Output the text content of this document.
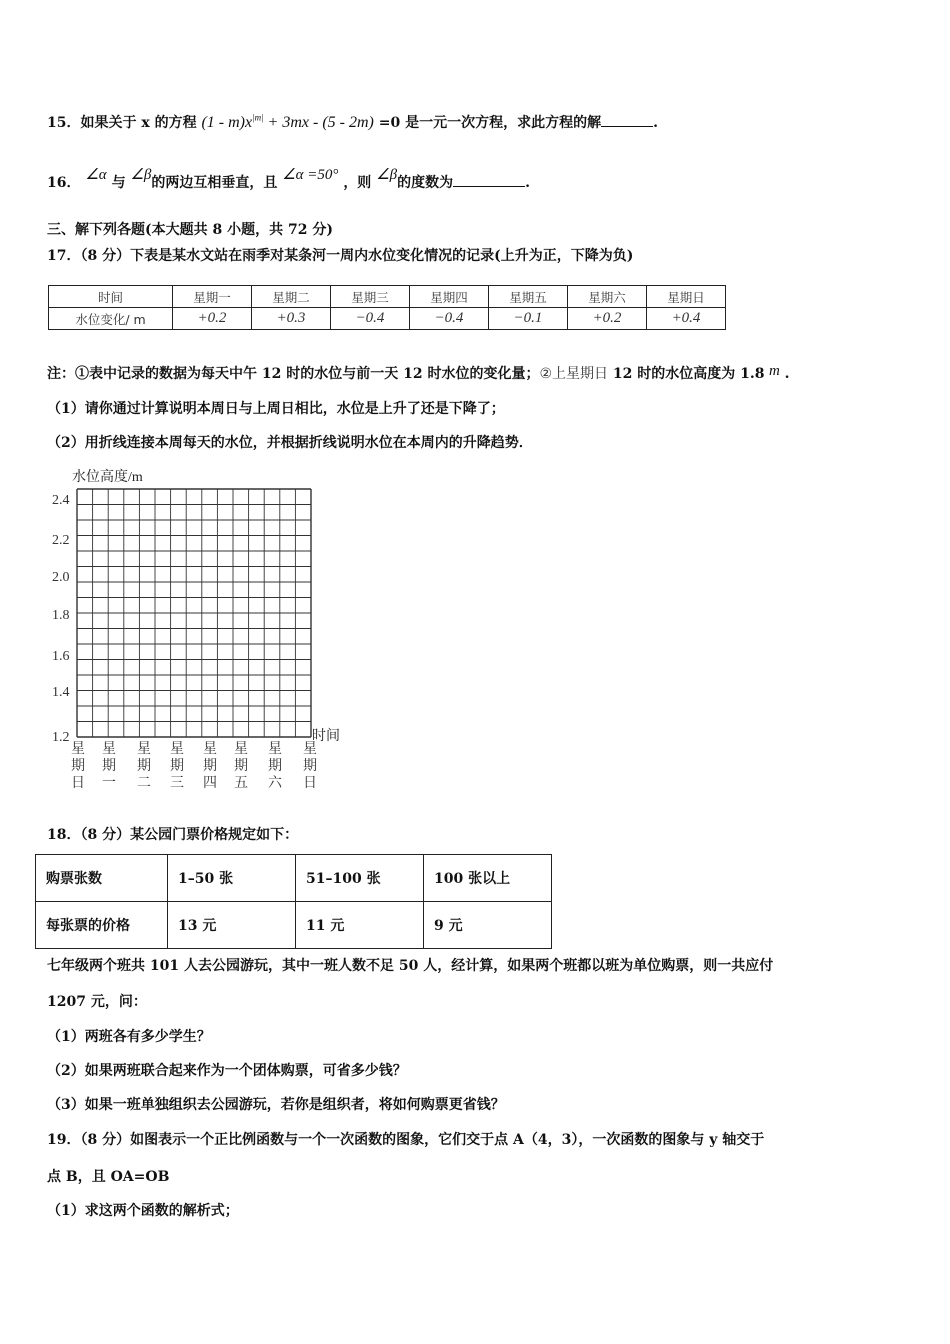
15．如果关于 x 的方程 $(1 - m)x^{|m|} + 3mx - (5 - 2m) =0$ 是一元一次方程，求此方程的解	.
16． ∠α 与 ∠β的两边互相垂直，且 ∠α =50° ，则 ∠β的度数为	.
三、解下列各题(本大题共 8 小题，共 72 分)
17．（8 分）下表是某水文站在雨季对某条河一周内水位变化情况的记录(上升为正，下降为负)
时间	星期一	星期二	星期三	星期四	星期五	星期六	星期日
水位变化/ m	+0.2	+0.3	−0.4	−0.4	−0.1	+0.2	+0.4
注：①表中记录的数据为每天中午 12 时的水位与前一天 12 时水位的变化量；②上星期日 12 时的水位高度为 1.8 m .
（1）请你通过计算说明本周日与上周日相比，水位是上升了还是下降了；
（2）用折线连接本周每天的水位，并根据折线说明水位在本周内的升降趋势．
水位高度/m
2.4
2.2
2.0
1.8
1.6
1.4
1.2
星
期
日
星
期
一
星
期
二
星
期
三
星
期
四
星
期
五
星
期
六
星
期
日
时间
18．（8 分）某公园门票价格规定如下：
购票张数	1–50 张	51–100 张	100 张以上
每张票的价格	13 元	11 元	9 元
七年级两个班共 101 人去公园游玩，其中一班人数不足 50 人，经计算，如果两个班都以班为单位购票，则一共应付
1207 元，问：
（1）两班各有多少学生？
（2）如果两班联合起来作为一个团体购票，可省多少钱？
（3）如果一班单独组织去公园游玩，若你是组织者，将如何购票更省钱？
19．（8 分）如图表示一个正比例函数与一个一次函数的图象，它们交于点 A（4，3），一次函数的图象与 y 轴交于
点 B，且 OA=OB
（1）求这两个函数的解析式；
